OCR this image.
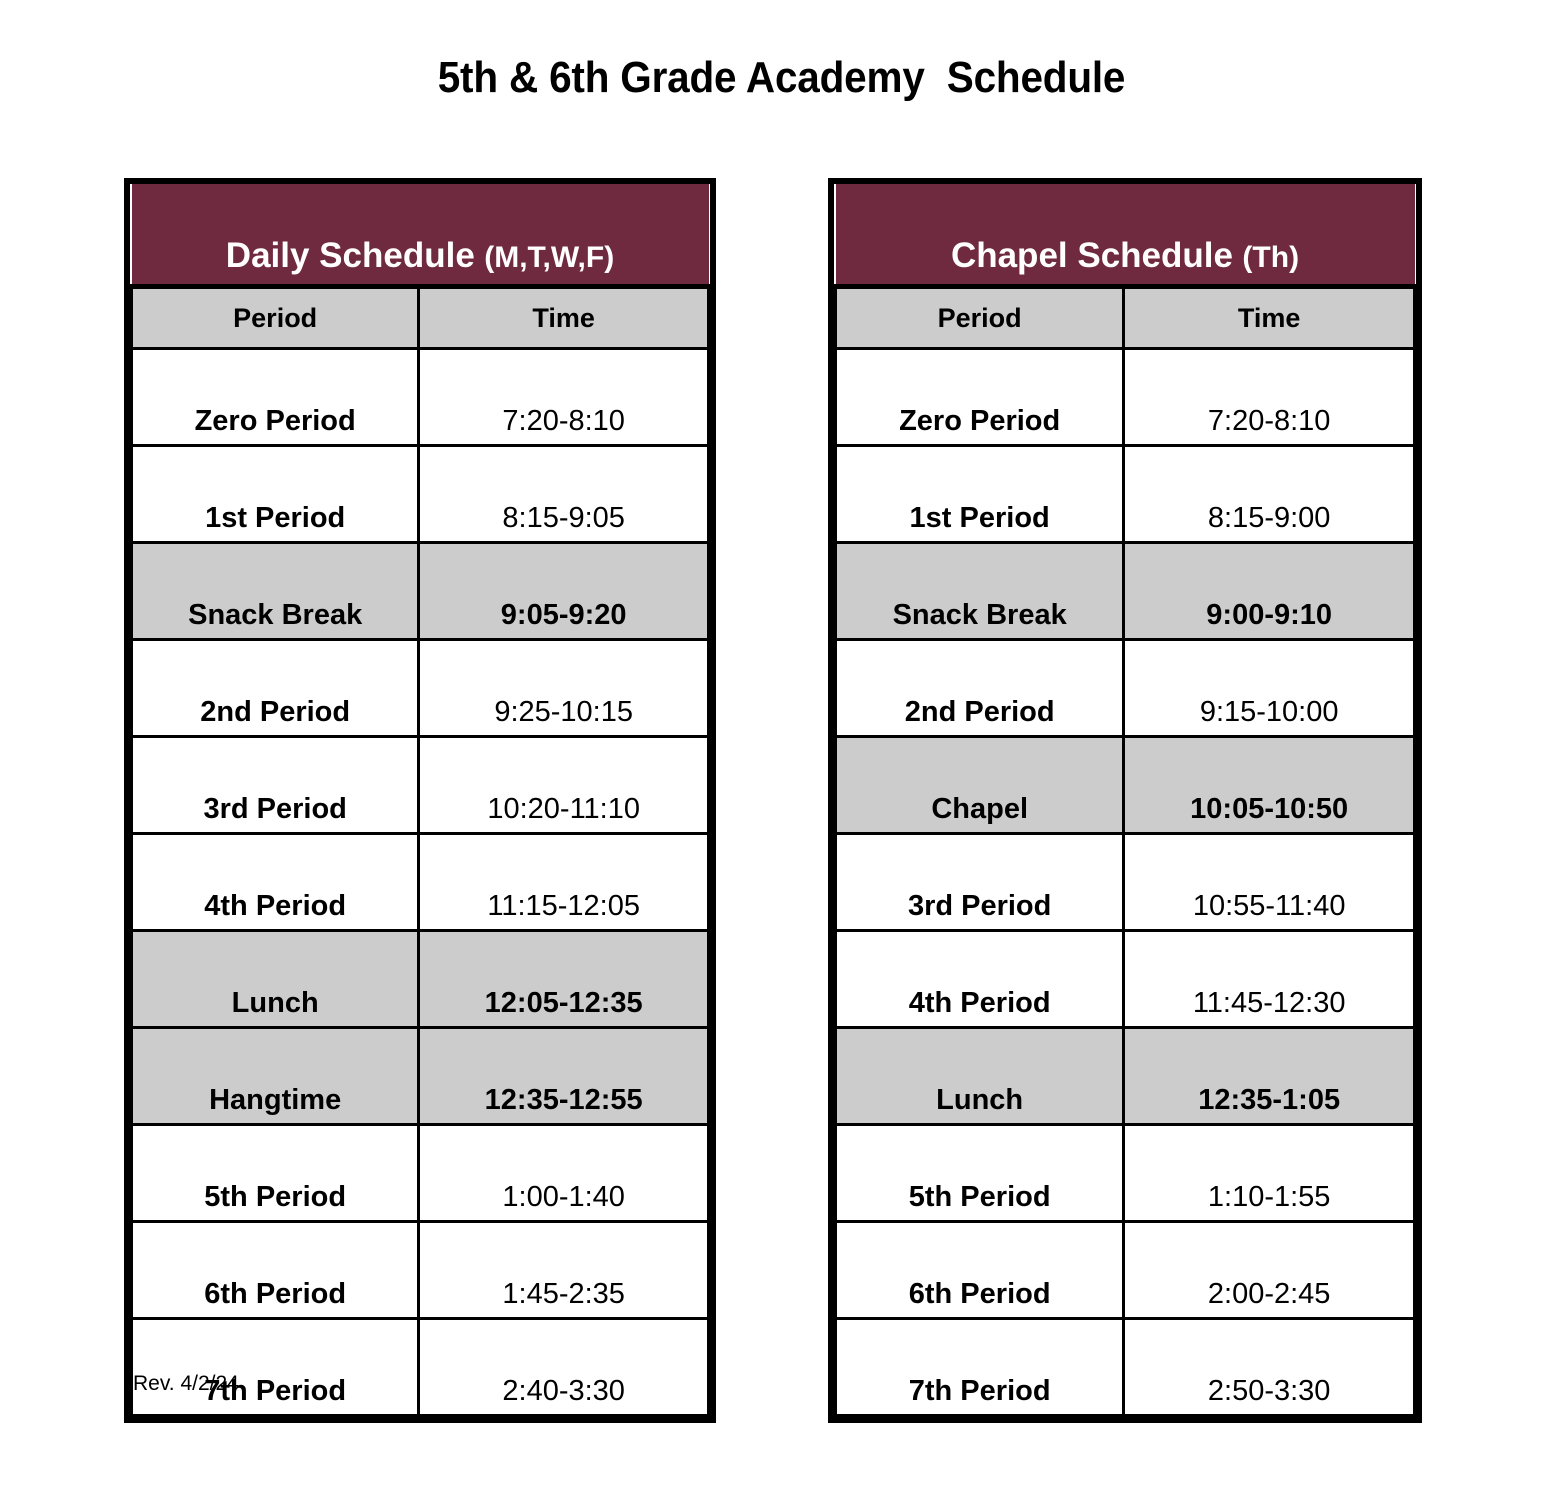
5th & 6th Grade Academy  Schedule
Daily Schedule (M,T,W,F)	
Period	Time
Zero Period	7:20-8:10
1st Period	8:15-9:05
Snack Break	9:05-9:20
2nd Period	9:25-10:15
3rd Period	10:20-11:10
4th Period	11:15-12:05
Lunch	12:05-12:35
Hangtime	12:35-12:55
5th Period	1:00-1:40
6th Period	1:45-2:35
7th Period	2:40-3:30
Chapel Schedule (Th)	
Period	Time
Zero Period	7:20-8:10
1st Period	8:15-9:00
Snack Break	9:00-9:10
2nd Period	9:15-10:00
Chapel	10:05-10:50
3rd Period	10:55-11:40
4th Period	11:45-12:30
Lunch	12:35-1:05
5th Period	1:10-1:55
6th Period	2:00-2:45
7th Period	2:50-3:30
Rev. 4/2/24
